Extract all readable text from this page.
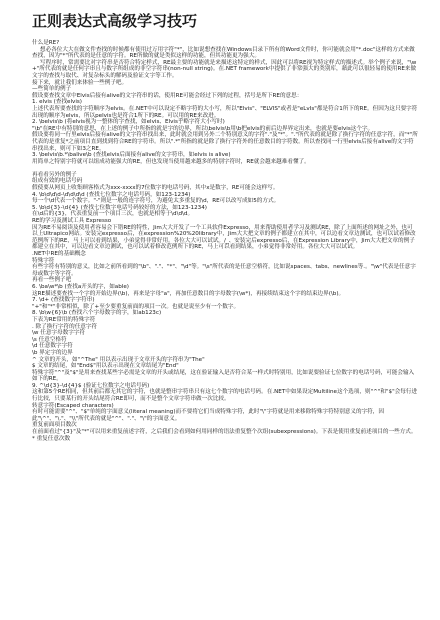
正则表达式高级学习技巧

什么是RE?

想必各位大大在做文件查找的时候都有使用过万用字符"*"，比如说想查找在Windows目录下所有的Word文件时，你可能就会用"*.doc"这样的方式来做查找，因为"*"所代表的是任意的字符。RE所做的就是类似这样的功能，但其功能更为强大。

写程序时，常需要比对字符串是否符合特定样式，RE最主要的功能就是来描述这特定的样式，因此可以将RE视为特定样式的描述式。举个例子来说，"\w+"所代表的就是任何字串且与数字所组成的非空字符串(non-null string)。在.NET framework中提供了非常强大的类别库，藉此可以很轻易的使用RE来做文字的查找与取代、对复杂标头的解码及验证文字等工作。

接下来，就让我们来体验一些例子吧。

—些简单的例子

假设要查找文章中Elvis后接有alive的文字符串的话，使用RE可能会经过下列的过程，括号是所下RE的意思：

1. elvis (查找elvis)

上述代表所要查找的字符顺序为elvis。在.NET中可以设定不略字符的大小写，所以"Elvis"、"ELVIS"或者是"eLvIs"都是符合1所下的RE。但因为这只要字符出现的顺序为elvis，所以pelvis也是符合1所下的RE。可以用的RE来改进。

2. \belvis\b (将elvis视为一整体的字查找，如elvis、Elvis乎略字符大小写时)

"\b"在RE中有特别的意思，在上述的例子中所指的就是字的边界，所以\belvis\b用\b把elvis的前后边界界定出来，也就是要elvis这个字。

假设要将同一行里elvis后接有alive的文字符串找出来，此时就会用到另外二个特别意义的字符"."及"*"。"."所代表的就是除了换行字符的任意字符，而"*"所代表的是重复*之前项目直到找到符合RE的字符串。所以".*"所指的就是除了换行字符外的任意数目的字符数。所以查找同一行里elvis后接有alive的文字符串找出来，则可下如3之RE。

3. \belvis\b.*\balive\b (查找elvis后面接有alive的文字符串，如elvis is alive)

用简单之特别字符就可以组成功能强大的RE，但也发现当使用越来越多的特别字符时，RE就会越来越难看懂了。

再看看另外的例子

组成有效的电话号码

假使要从网页上收集顾客格式为xxx-xxxx的7位数字的电话号码，其中x是数字，RE可能会这样写。

4. \b\d\d\d-\d\d\d\d (查找七位数字之电话号码，如123-1234)

每一个\d代表一个数字。"-"则是一般的连字符号，为避免太多重复的\d，RE可以改写成如5的方式。

5. \b\d{3}-\d{4} (查找七位数字电话号码较好的方法，如123-1234)

在\d后的{3}，代表重复前一个项目三次，也就是相等于\d\d\d。

RE的学习及测试工具 Expresso

因为RE不易阅读及使用者容易会下错RE的特性，Jim大大开发了一个工具软件Expresso，用来帮助使用者学习及测试RE，除了上面所述的网址之外，也可以上Ultrapico网站。安装完expresso后，在expression%20%20library中，Jim大大把文章的例子都建立在其中，可以边看文章边测试，也可以试着修改范例所下的RE，马上可以看到结果，小弟觉得非常好用。各位大大可以试试。/_、安装完后expresso后，在Expression Library中，Jim大大把文章的例子都建立在其中，可以边看文章边测试，也可以试着修改范例所下的RE，马上可以看到结果，小弟觉得非常好用。各位大大可以试试。

.NET中RE的基础概念

特殊字符

有些字符有特别的意义，比如之前所看到的"\b"、"."、"*"、"\d"等。"\s"所代表的是任意空格符，比如说spaces、tabs、newlines等.。"\w"代表是任意字母或数字等字符。

再看一些例子吧

6. \ba\w*\b (查找a开头的字，如able)

这RE描述要查找一个字的开始边界(\b)，再来是字母"a"，再加任意数目的字母数字(\w*)，再接续结束这个字的结束边界(\b)。

7. \d+ (查找数字字符串)

"+"和"*"非常相似，除了+至少要重复前面的项目一次。也就是说至少有一个数字。

8. \b\w{6}\b (查找六个字母数字的字，如ab123c)

下表为RE常用的特殊字符

. 除了换行字符的任意字符

\w 任意字母数字字符

\s 任意空格符

\d 任意数字字符

\b 界定字的边界

^ 文章的开头，如"^The" 用以表示出现于文章开头的字符串为"The"

$ 文章的结尾，如"End$"用以表示出现在文章结尾为"End"

特殊字符"^"及"$"是用来查找某些字必需是文章的开头或结尾，这在验证输入是否符合某一样式时特别用，比如说要验证七位数字的电话号码，可能会输入如下的RE。

9. ^\d{3}-\d{4}$ (验证七位数字之电话号码)

这和第5个RE相同，但其前后都无其它的字符，也就是整串字符串只有这七个数字的电话号码。在.NET中如果设定Multiline这个选项，则"^"和"$"会每行进行比较，只要某行的开头结尾符合RE即可，而不是整个文章字符串做一次比较。

转意字符(Escaped characters)

有时可能需要"^"、"$"单纯的字面意义(literal meaning)而不要将它们当成特殊字符，此时"\"字符就是用来移除特殊字符特别意义的字符，因此"\^"、"\."、"\\"所代表的就是"^"、"."、"\"的字面意义。

重复前面项目数次

在前面看过"{3}"及"*"可以用来重复前述字符，之后我们会看到如何用同样的语法重复整个次组(subexpressions)。下表是使用重复前述项目的一些方式。

* 重复任意次数
